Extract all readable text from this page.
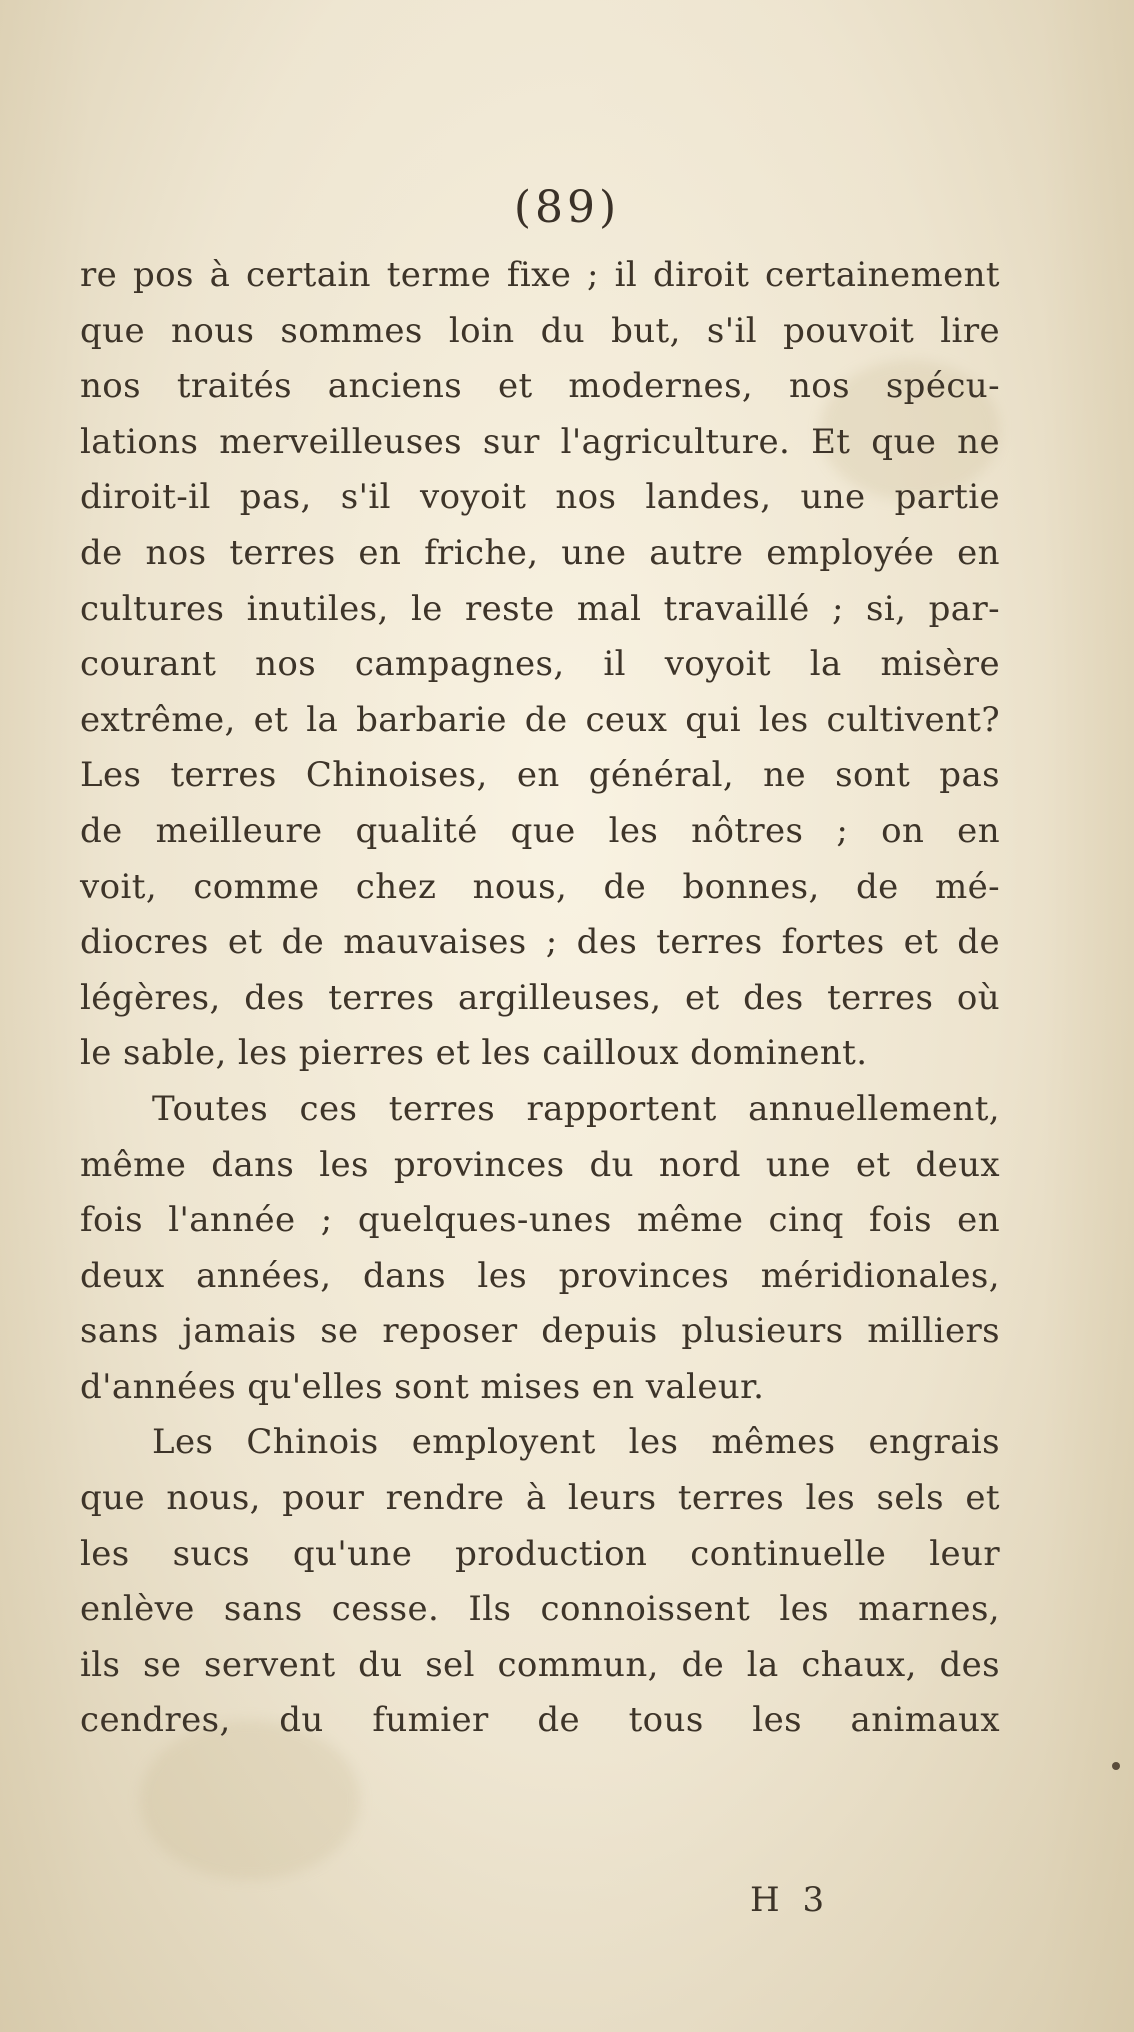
(89)
re pos à certain terme fixe ; il diroit certainement
que nous sommes loin du but, s'il pouvoit lire
nos traités anciens et modernes, nos spécu-
lations merveilleuses sur l'agriculture. Et que ne
diroit-il pas, s'il voyoit nos landes, une partie
de nos terres en friche, une autre employée en
cultures inutiles, le reste mal travaillé ; si, par-
courant nos campagnes, il voyoit la misère
extrême, et la barbarie de ceux qui les cultivent?
Les terres Chinoises, en général, ne sont pas
de meilleure qualité que les nôtres ; on en
voit, comme chez nous, de bonnes, de mé-
diocres et de mauvaises ; des terres fortes et de
légères, des terres argilleuses, et des terres où
le sable, les pierres et les cailloux dominent.
Toutes ces terres rapportent annuellement,
même dans les provinces du nord une et deux
fois l'année ; quelques-unes même cinq fois en
deux années, dans les provinces méridionales,
sans jamais se reposer depuis plusieurs milliers
d'années qu'elles sont mises en valeur.
Les Chinois employent les mêmes engrais
que nous, pour rendre à leurs terres les sels et
les sucs qu'une production continuelle leur
enlève sans cesse. Ils connoissent les marnes,
ils se servent du sel commun, de la chaux, des
cendres, du fumier de tous les animaux
H 3
